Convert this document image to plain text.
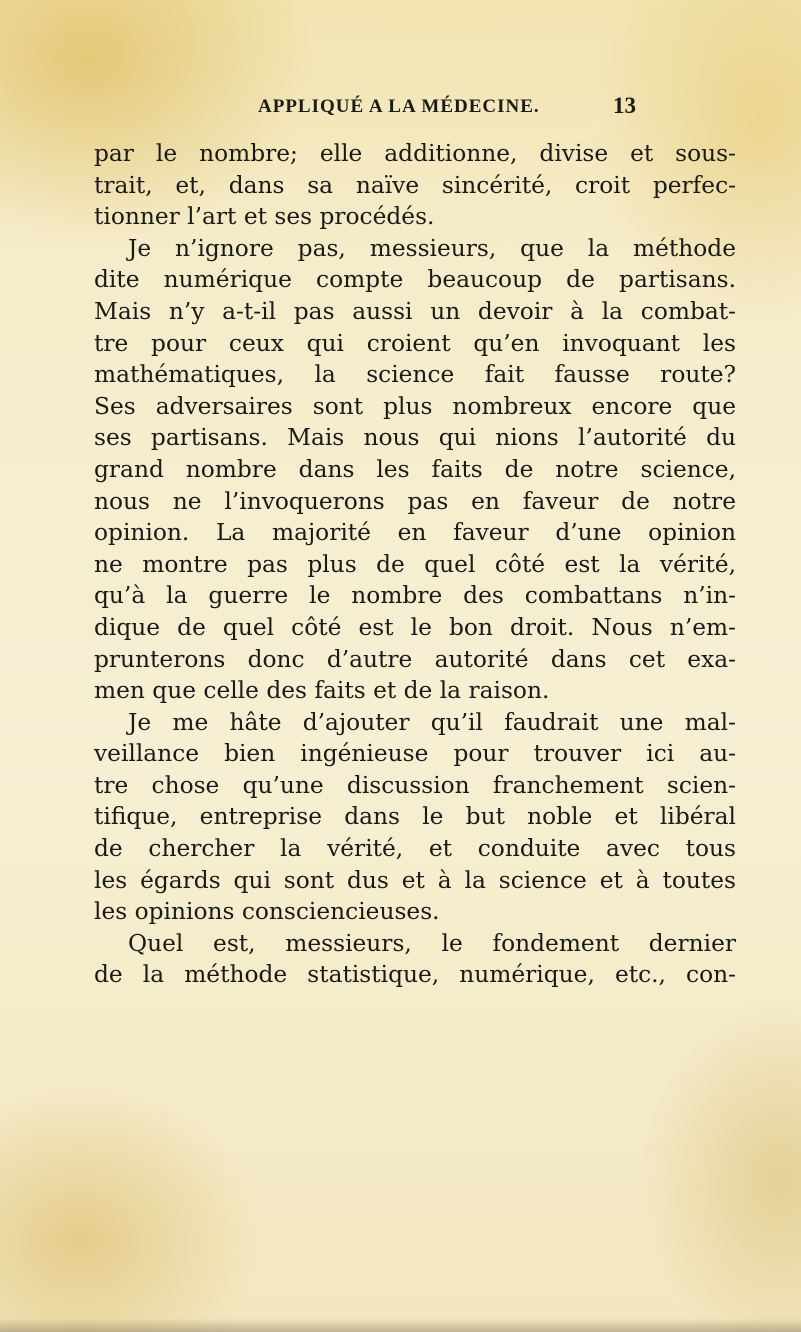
APPLIQUÉ A LA MÉDECINE.	13
par le nombre; elle additionne, divise et sous-
trait, et, dans sa naïve sincérité, croit perfec-
tionner l’art et ses procédés.
Je n’ignore pas, messieurs, que la méthode
dite numérique compte beaucoup de partisans.
Mais n’y a-t-il pas aussi un devoir à la combat-
tre pour ceux qui croient qu’en invoquant les
mathématiques, la science fait fausse route?
Ses adversaires sont plus nombreux encore que
ses partisans. Mais nous qui nions l’autorité du
grand nombre dans les faits de notre science,
nous ne l’invoquerons pas en faveur de notre
opinion. La majorité en faveur d’une opinion
ne montre pas plus de quel côté est la vérité,
qu’à la guerre le nombre des combattans n’in-
dique de quel côté est le bon droit. Nous n’em-
prunterons donc d’autre autorité dans cet exa-
men que celle des faits et de la raison.
Je me hâte d’ajouter qu’il faudrait une mal-
veillance bien ingénieuse pour trouver ici au-
tre chose qu’une discussion franchement scien-
tifique, entreprise dans le but noble et libéral
de chercher la vérité, et conduite avec tous
les égards qui sont dus et à la science et à toutes
les opinions consciencieuses.
Quel est, messieurs, le fondement dernier
de la méthode statistique, numérique, etc., con-
